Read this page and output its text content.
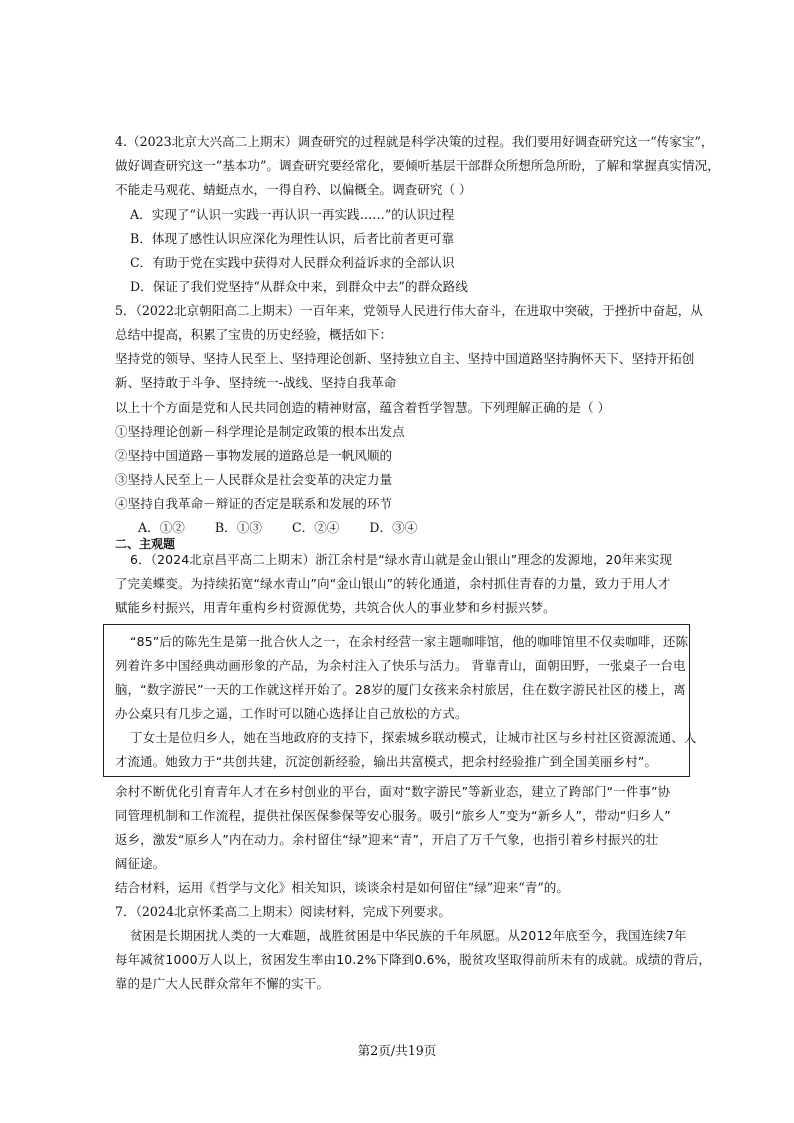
4.（2023北京大兴高二上期末）调查研究的过程就是科学决策的过程。我们要用好调查研究这一“传家宝”，
做好调查研究这一“基本功”。调查研究要经常化，要倾听基层干部群众所想所急所盼，了解和掌握真实情况，
不能走马观花、蜻蜓点水，一得自矜、以偏概全。调查研究（ ）
A．实现了“认识一实践一再认识一再实践……”的认识过程
B．体现了感性认识应深化为理性认识，后者比前者更可靠
C．有助于党在实践中获得对人民群众利益诉求的全部认识
D．保证了我们党坚持“从群众中来，到群众中去”的群众路线
5．（2022北京朝阳高二上期末）一百年来，党领导人民进行伟大奋斗，在进取中突破，于挫折中奋起，从
总结中提高，积累了宝贵的历史经验，概括如下：
坚持党的领导、坚持人民至上、坚持理论创新、坚持独立自主、坚持中国道路坚持胸怀天下、坚持开拓创
新、坚持敢于斗争、坚持统一-战线、坚持自我革命
以上十个方面是党和人民共同创造的精神财富，蕴含着哲学智慧。下列理解正确的是（ ）
①坚持理论创新－科学理论是制定政策的根本出发点
②坚持中国道路－事物发展的道路总是一帆风顺的
③坚持人民至上－人民群众是社会变革的决定力量
④坚持自我革命－辩证的否定是联系和发展的环节
A．①② B．①③ C．②④ D．③④
二、主观题
6．（2024北京昌平高二上期末）浙江余村是“绿水青山就是金山银山”理念的发源地，20年来实现
了完美蝶变。为持续拓宽“绿水青山”向“金山银山”的转化通道，余村抓住青春的力量，致力于用人才
赋能乡村振兴，用青年重构乡村资源优势，共筑合伙人的事业梦和乡村振兴梦。
“85”后的陈先生是第一批合伙人之一，在余村经营一家主题咖啡馆，他的咖啡馆里不仅卖咖啡，还陈
列着许多中国经典动画形象的产品，为余村注入了快乐与活力。 背靠青山，面朝田野，一张桌子一台电
脑，“数字游民”一天的工作就这样开始了。28岁的厦门女孩来余村旅居，住在数字游民社区的楼上，离
办公桌只有几步之遥，工作时可以随心选择让自己放松的方式。
丁女士是位归乡人，她在当地政府的支持下，探索城乡联动模式，让城市社区与乡村社区资源流通、人
才流通。她致力于“共创共建，沉淀创新经验，输出共富模式，把余村经验推广到全国美丽乡村”。
余村不断优化引育青年人才在乡村创业的平台，面对“数字游民”等新业态，建立了跨部门“一件事”协
同管理机制和工作流程，提供社保医保参保等安心服务。吸引“旅乡人”变为“新乡人”，带动“归乡人”
返乡，激发“原乡人”内在动力。余村留住“绿”迎来“青”，开启了万千气象，也指引着乡村振兴的壮
阔征途。
结合材料，运用《哲学与文化》相关知识，谈谈余村是如何留住“绿”迎来“青”的。
7．（2024北京怀柔高二上期末）阅读材料，完成下列要求。
贫困是长期困扰人类的一大难题，战胜贫困是中华民族的千年夙愿。从2012年底至今，我国连续7年
每年减贫1000万人以上，贫困发生率由10.2%下降到0.6%，脱贫攻坚取得前所未有的成就。成绩的背后，
靠的是广大人民群众常年不懈的实干。
第2页/共19页
